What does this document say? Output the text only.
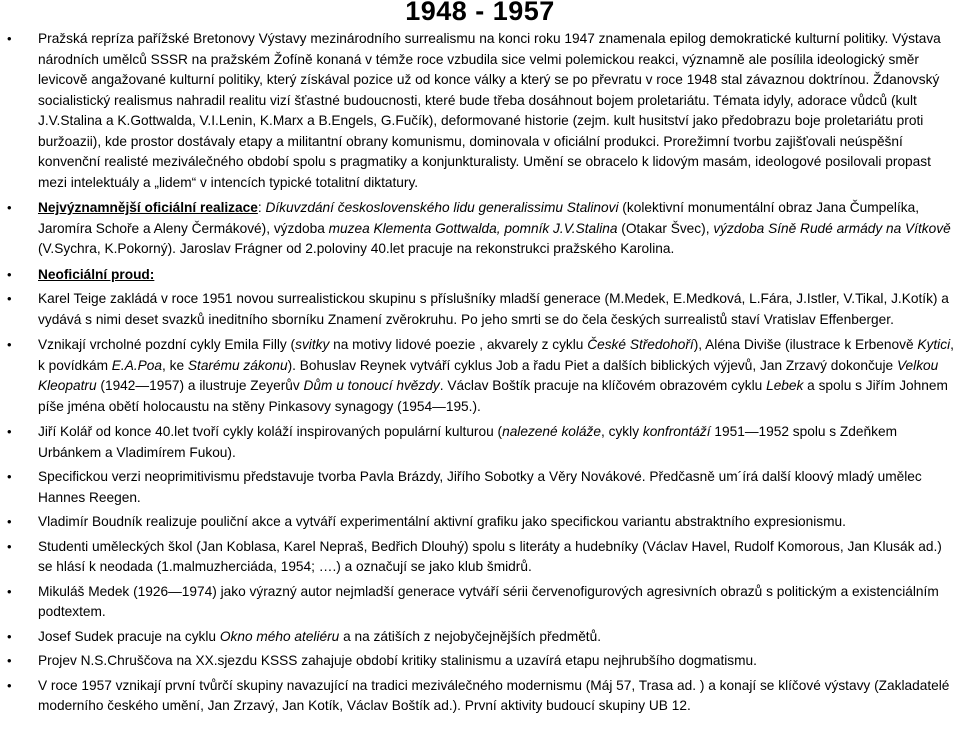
1948 - 1957
• Pražská repríza pařížské Bretonovy Výstavy mezinárodního surrealismu na konci roku 1947 znamenala epilog demokratické kulturní politiky. Výstava národních umělců SSSR na pražském Žofíně konaná v témže roce vzbudila sice velmi polemickou reakci, významně ale posílila ideologický směr levicově angažované kulturní politiky, který získával pozice už od konce války a který se po převratu v roce 1948 stal závaznou doktrínou. Ždanovský socialistický realismus nahradil realitu vizí šťastné budoucnosti, které bude třeba dosáhnout bojem proletariátu. Témata idyly, adorace vůdců (kult J.V.Stalina a K.Gottwalda, V.I.Lenin, K.Marx a B.Engels, G.Fučík), deformované historie (zejm. kult husitství jako předobrazu boje proletariátu proti buržoazii), kde prostor dostávaly etapy a militantní obrany komunismu, dominovala v oficiální produkci. Prorežimní tvorbu zajišťovali neúspěšní konvenční realisté meziválečného období spolu s pragmatiky a konjunkturalisty. Umění se obracelo k lidovým masám, ideologové posilovali propast mezi intelektuály a „lidem“ v intencích typické totalitní diktatury.
• Nejvýznamnější oficiální realizace: Díkuvzdání československého lidu generalissimu Stalinovi (kolektivní monumentální obraz Jana Čumpelíka, Jaromíra Schoře a Aleny Čermákové), výzdoba muzea Klementa Gottwalda, pomník J.V.Stalina (Otakar Švec), výzdoba Síně Rudé armády na Vítkově (V.Sychra, K.Pokorný). Jaroslav Frágner od 2.poloviny 40.let pracuje na rekonstrukci pražského Karolina.
• Neoficiální proud:
• Karel Teige zakládá v roce 1951 novou surrealistickou skupinu s příslušníky mladší generace (M.Medek, E.Medková, L.Fára, J.Istler, V.Tikal, J.Kotík) a vydává s nimi deset svazků ineditního sborníku Znamení zvěrokruhu. Po jeho smrti se do čela českých surrealistů staví Vratislav Effenberger.
• Vznikají vrcholné pozdní cykly Emila Filly (svitky na motivy lidové poezie , akvarely z cyklu České Středohoří), Aléna Diviše (ilustrace k Erbenově Kytici, k povídkám E.A.Poa, ke Starému zákonu). Bohuslav Reynek vytváří cyklus Job a řadu Piet a dalších biblických výjevů, Jan Zrzavý dokončuje Velkou Kleopatru (1942—1957) a ilustruje Zeyerův Dům u tonoucí hvězdy. Václav Boštík pracuje na klíčovém obrazovém cyklu Lebek a spolu s Jiřím Johnem píše jména obětí holocaustu na stěny Pinkasovy synagogy (1954—195.).
• Jiří Kolář od konce 40.let tvoří cykly koláží inspirovaných populární kulturou (nalezené koláže, cykly konfrontáží 1951—1952 spolu s Zdeňkem Urbánkem a Vladimírem Fukou).
• Specifickou verzi neoprimitivismu představuje tvorba Pavla Brázdy, Jiřího Sobotky a Věry Novákové. Předčasně um´írá další kloový mladý umělec Hannes Reegen.
• Vladimír Boudník realizuje pouliční akce a vytváří experimentální aktivní grafiku jako specifickou variantu abstraktního expresionismu.
• Studenti uměleckých škol (Jan Koblasa, Karel Nepraš, Bedřich Dlouhý) spolu s literáty a hudebníky (Václav Havel, Rudolf Komorous, Jan Klusák ad.) se hlásí k neodada (1.malmuzherciáda, 1954; ….) a označují se jako klub šmidrů.
• Mikuláš Medek (1926—1974) jako výrazný autor nejmladší generace vytváří sérii červenofigurových agresivních obrazů s politickým a existenciálním podtextem.
• Josef Sudek pracuje na cyklu Okno mého ateliéru a na zátiších z nejobyčejnějších předmětů.
• Projev N.S.Chruščova na XX.sjezdu KSSS zahajuje období kritiky stalinismu a uzavírá etapu nejhrubšího dogmatismu.
• V roce 1957 vznikají první tvůrčí skupiny navazující na tradici meziválečného modernismu (Máj 57, Trasa ad. ) a konají se klíčové výstavy (Zakladatelé moderního českého umění, Jan Zrzavý, Jan Kotík, Václav Boštík ad.). První aktivity budoucí skupiny UB 12.
